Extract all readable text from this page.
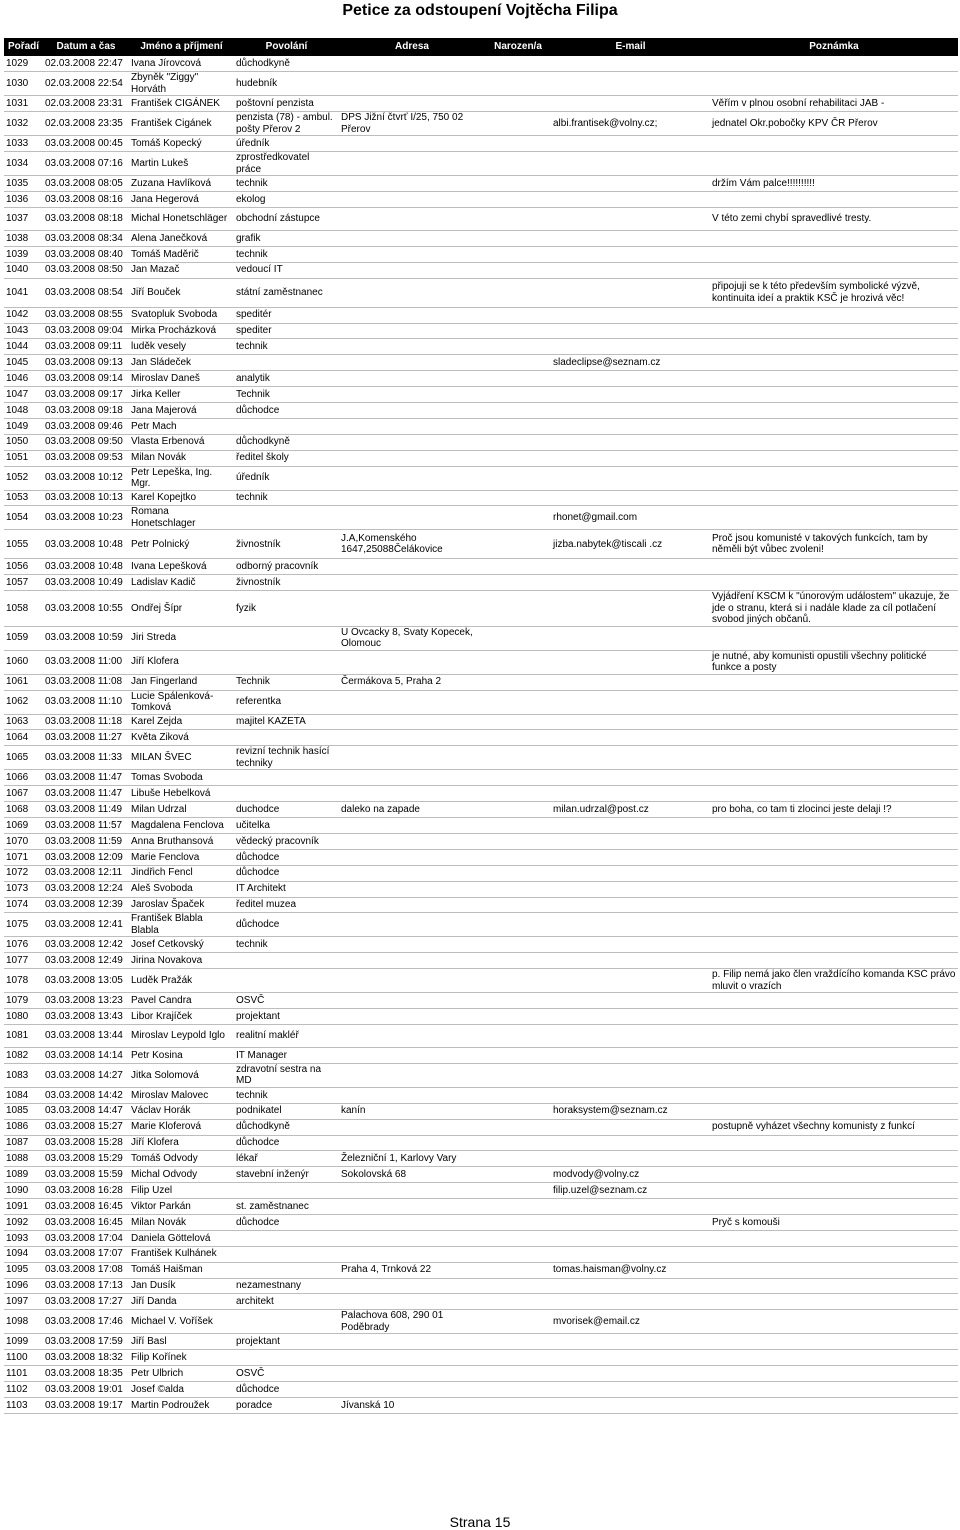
Petice za odstoupení Vojtěcha Filipa
Pořadí	Datum a čas	Jméno a příjmení	Povolání	Adresa	Narozen/a	E-mail	Poznámka
1029	02.03.2008 22:47	Ivana Jírovcová	důchodkyně				
1030	02.03.2008 22:54	Zbyněk "Ziggy" Horváth	hudebník				
1031	02.03.2008 23:31	František CIGÁNEK	poštovní penzista				Věřím v plnou osobní rehabilitaci JAB -
1032	02.03.2008 23:35	František Cigánek	penzista (78) - ambul. pošty Přerov 2	DPS Jižní čtvrť I/25, 750 02 Přerov		albi.frantisek@volny.cz;	jednatel Okr.pobočky KPV ČR Přerov
1033	03.03.2008 00:45	Tomáš Kopecký	úředník				
1034	03.03.2008 07:16	Martin Lukeš	zprostředkovatel práce				
1035	03.03.2008 08:05	Zuzana Havlíková	technik				držím Vám palce!!!!!!!!!!
1036	03.03.2008 08:16	Jana Hegerová	ekolog				
1037	03.03.2008 08:18	Michal Honetschläger	obchodní zástupce				V této zemi chybí spravedlivé tresty.
1038	03.03.2008 08:34	Alena Janečková	grafik				
1039	03.03.2008 08:40	Tomáš Maděrič	technik				
1040	03.03.2008 08:50	Jan Mazač	vedoucí IT				
1041	03.03.2008 08:54	Jiří Bouček	státní zaměstnanec				připojuji se k této především symbolické výzvě, kontinuita ideí a praktik KSČ je hrozivá věc!
1042	03.03.2008 08:55	Svatopluk Svoboda	speditér				
1043	03.03.2008 09:04	Mirka Procházková	spediter				
1044	03.03.2008 09:11	luděk vesely	technik				
1045	03.03.2008 09:13	Jan Sládeček				sladeclipse@seznam.cz	
1046	03.03.2008 09:14	Miroslav Daneš	analytik				
1047	03.03.2008 09:17	Jirka Keller	Technik				
1048	03.03.2008 09:18	Jana Majerová	důchodce				
1049	03.03.2008 09:46	Petr Mach					
1050	03.03.2008 09:50	Vlasta Erbenová	důchodkyně				
1051	03.03.2008 09:53	Milan Novák	ředitel školy				
1052	03.03.2008 10:12	Petr Lepeška, Ing. Mgr.	úředník				
1053	03.03.2008 10:13	Karel Kopejtko	technik				
1054	03.03.2008 10:23	Romana Honetschlager				rhonet@gmail.com	
1055	03.03.2008 10:48	Petr Polnický	živnostník	J.A,Komenského 1647,25088Čelákovice		jizba.nabytek@tiscali .cz	Proč jsou komunisté v takových funkcích, tam by něměli být vůbec zvoleni!
1056	03.03.2008 10:48	Ivana Lepešková	odborný pracovník				
1057	03.03.2008 10:49	Ladislav Kadič	živnostník				
1058	03.03.2008 10:55	Ondřej Šípr	fyzik				Vyjádření KSČM k "únorovým událostem" ukazuje, že jde o stranu, která si i nadále klade za cíl potlačení svobod jiných občanů.
1059	03.03.2008 10:59	Jiri Streda		U Ovcacky 8, Svaty Kopecek, Olomouc			
1060	03.03.2008 11:00	Jiří Klofera					je nutné, aby komunisti opustili všechny politické funkce a posty
1061	03.03.2008 11:08	Jan Fingerland	Technik	Čermákova 5, Praha 2			
1062	03.03.2008 11:10	Lucie Spálenková-Tomková	referentka				
1063	03.03.2008 11:18	Karel Zejda	majitel KAZETA				
1064	03.03.2008 11:27	Květa Ziková					
1065	03.03.2008 11:33	MILAN ŠVEC	revizní technik hasící techniky				
1066	03.03.2008 11:47	Tomas Svoboda					
1067	03.03.2008 11:47	Libuše Hebelková					
1068	03.03.2008 11:49	Milan Udrzal	duchodce	daleko na zapade		milan.udrzal@post.cz	pro boha, co tam ti zlocinci jeste delaji !?
1069	03.03.2008 11:57	Magdalena Fenclova	učitelka				
1070	03.03.2008 11:59	Anna Bruthansová	vědecký pracovník				
1071	03.03.2008 12:09	Marie Fenclova	důchodce				
1072	03.03.2008 12:11	Jindřich Fencl	důchodce				
1073	03.03.2008 12:24	Aleš Svoboda	IT Architekt				
1074	03.03.2008 12:39	Jaroslav Špaček	ředitel muzea				
1075	03.03.2008 12:41	František Blabla Blabla	důchodce				
1076	03.03.2008 12:42	Josef Cetkovský	technik				
1077	03.03.2008 12:49	Jirina Novakova					
1078	03.03.2008 13:05	Luděk Pražák					p. Filip nemá jako člen vraždícího komanda KSČ právo mluvit o vrazích
1079	03.03.2008 13:23	Pavel Candra	OSVČ				
1080	03.03.2008 13:43	Libor Krajíček	projektant				
1081	03.03.2008 13:44	Miroslav Leypold Iglo	realitní makléř				
1082	03.03.2008 14:14	Petr Kosina	IT Manager				
1083	03.03.2008 14:27	Jitka Solomová	zdravotní sestra na MD				
1084	03.03.2008 14:42	Miroslav Malovec	technik				
1085	03.03.2008 14:47	Václav Horák	podnikatel	kanín		horaksystem@seznam.cz	
1086	03.03.2008 15:27	Marie Kloferová	důchodkyně				postupně vyházet všechny komunisty z funkcí
1087	03.03.2008 15:28	Jiří Klofera	důchodce				
1088	03.03.2008 15:29	Tomáš Odvody	lékař	Železniční 1, Karlovy Vary			
1089	03.03.2008 15:59	Michal Odvody	stavební inženýr	Sokolovská 68		modvody@volny.cz	
1090	03.03.2008 16:28	Filip Uzel				filip.uzel@seznam.cz	
1091	03.03.2008 16:45	Viktor Parkán	st. zaměstnanec				
1092	03.03.2008 16:45	Milan Novák	důchodce				Pryč s komouši
1093	03.03.2008 17:04	Daniela Göttelová					
1094	03.03.2008 17:07	František Kulhánek					
1095	03.03.2008 17:08	Tomáš Haišman		Praha 4, Trnková 22		tomas.haisman@volny.cz	
1096	03.03.2008 17:13	Jan Dusík	nezamestnany				
1097	03.03.2008 17:27	Jiří Danda	architekt				
1098	03.03.2008 17:46	Michael V. Voříšek		Palachova 608, 290 01 Poděbrady		mvorisek@email.cz	
1099	03.03.2008 17:59	Jiří Basl	projektant				
1100	03.03.2008 18:32	Filip Kořínek					
1101	03.03.2008 18:35	Petr Ulbrich	OSVČ				
1102	03.03.2008 19:01	Josef ©alda	důchodce				
1103	03.03.2008 19:17	Martin Podroužek	poradce	Jívanská 10			
Strana 15
